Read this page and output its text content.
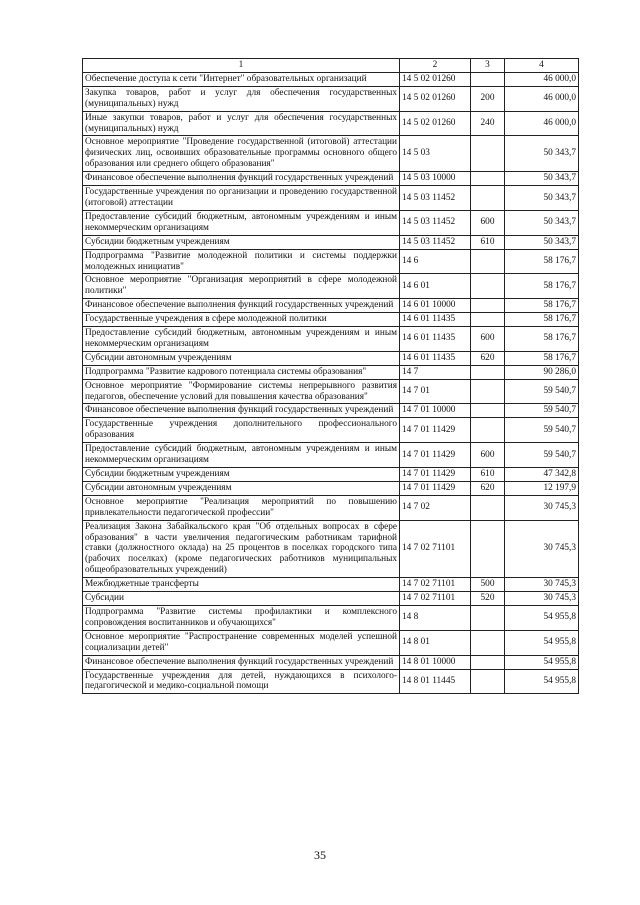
1	2	3	4
Обеспечение доступа к сети "Интернет" образовательных организаций	14 5 02 01260		46 000,0
Закупка товаров, работ и услуг для обеспечения государственных (муниципальных) нужд	14 5 02 01260	200	46 000,0
Иные закупки товаров, работ и услуг для обеспечения государственных (муниципальных) нужд	14 5 02 01260	240	46 000,0
Основное мероприятие "Проведение государственной (итоговой) аттестации физических лиц, освоивших образовательные программы основного общего образования или среднего общего образования"	14 5 03		50 343,7
Финансовое обеспечение выполнения функций государственных учреждений	14 5 03 10000		50 343,7
Государственные учреждения по организации и проведению государственной (итоговой) аттестации	14 5 03 11452		50 343,7
Предоставление субсидий бюджетным, автономным учреждениям и иным некоммерческим организациям	14 5 03 11452	600	50 343,7
Субсидии бюджетным учреждениям	14 5 03 11452	610	50 343,7
Подпрограмма "Развитие молодежной политики и системы поддержки молодежных инициатив"	14 6		58 176,7
Основное мероприятие "Организация мероприятий в сфере молодежной политики"	14 6 01		58 176,7
Финансовое обеспечение выполнения функций государственных учреждений	14 6 01 10000		58 176,7
Государственные учреждения в сфере молодежной политики	14 6 01 11435		58 176,7
Предоставление субсидий бюджетным, автономным учреждениям и иным некоммерческим организациям	14 6 01 11435	600	58 176,7
Субсидии автономным учреждениям	14 6 01 11435	620	58 176,7
Подпрограмма "Развитие кадрового потенциала системы образования"	14 7		90 286,0
Основное мероприятие "Формирование системы непрерывного развития педагогов, обеспечение условий для повышения качества образования"	14 7 01		59 540,7
Финансовое обеспечение выполнения функций государственных учреждений	14 7 01 10000		59 540,7
Государственные учреждения дополнительного профессионального образования	14 7 01 11429		59 540,7
Предоставление субсидий бюджетным, автономным учреждениям и иным некоммерческим организациям	14 7 01 11429	600	59 540,7
Субсидии бюджетным учреждениям	14 7 01 11429	610	47 342,8
Субсидии автономным учреждениям	14 7 01 11429	620	12 197,9
Основное мероприятие "Реализация мероприятий по повышению привлекательности педагогической профессии"	14 7 02		30 745,3
Реализация Закона Забайкальского края "Об отдельных вопросах в сфере образования" в части увеличения педагогическим работникам тарифной ставки (должностного оклада) на 25 процентов в поселках городского типа (рабочих поселках) (кроме педагогических работников муниципальных общеобразовательных учреждений)	14 7 02 71101		30 745,3
Межбюджетные трансферты	14 7 02 71101	500	30 745,3
Субсидии	14 7 02 71101	520	30 745,3
Подпрограмма "Развитие системы профилактики и комплексного сопровождения воспитанников и обучающихся"	14 8		54 955,8
Основное мероприятие "Распространение современных моделей успешной социализации детей"	14 8 01		54 955,8
Финансовое обеспечение выполнения функций государственных учреждений	14 8 01 10000		54 955,8
Государственные учреждения для детей, нуждающихся в психолого-педагогической и медико-социальной помощи	14 8 01 11445		54 955,8
35
